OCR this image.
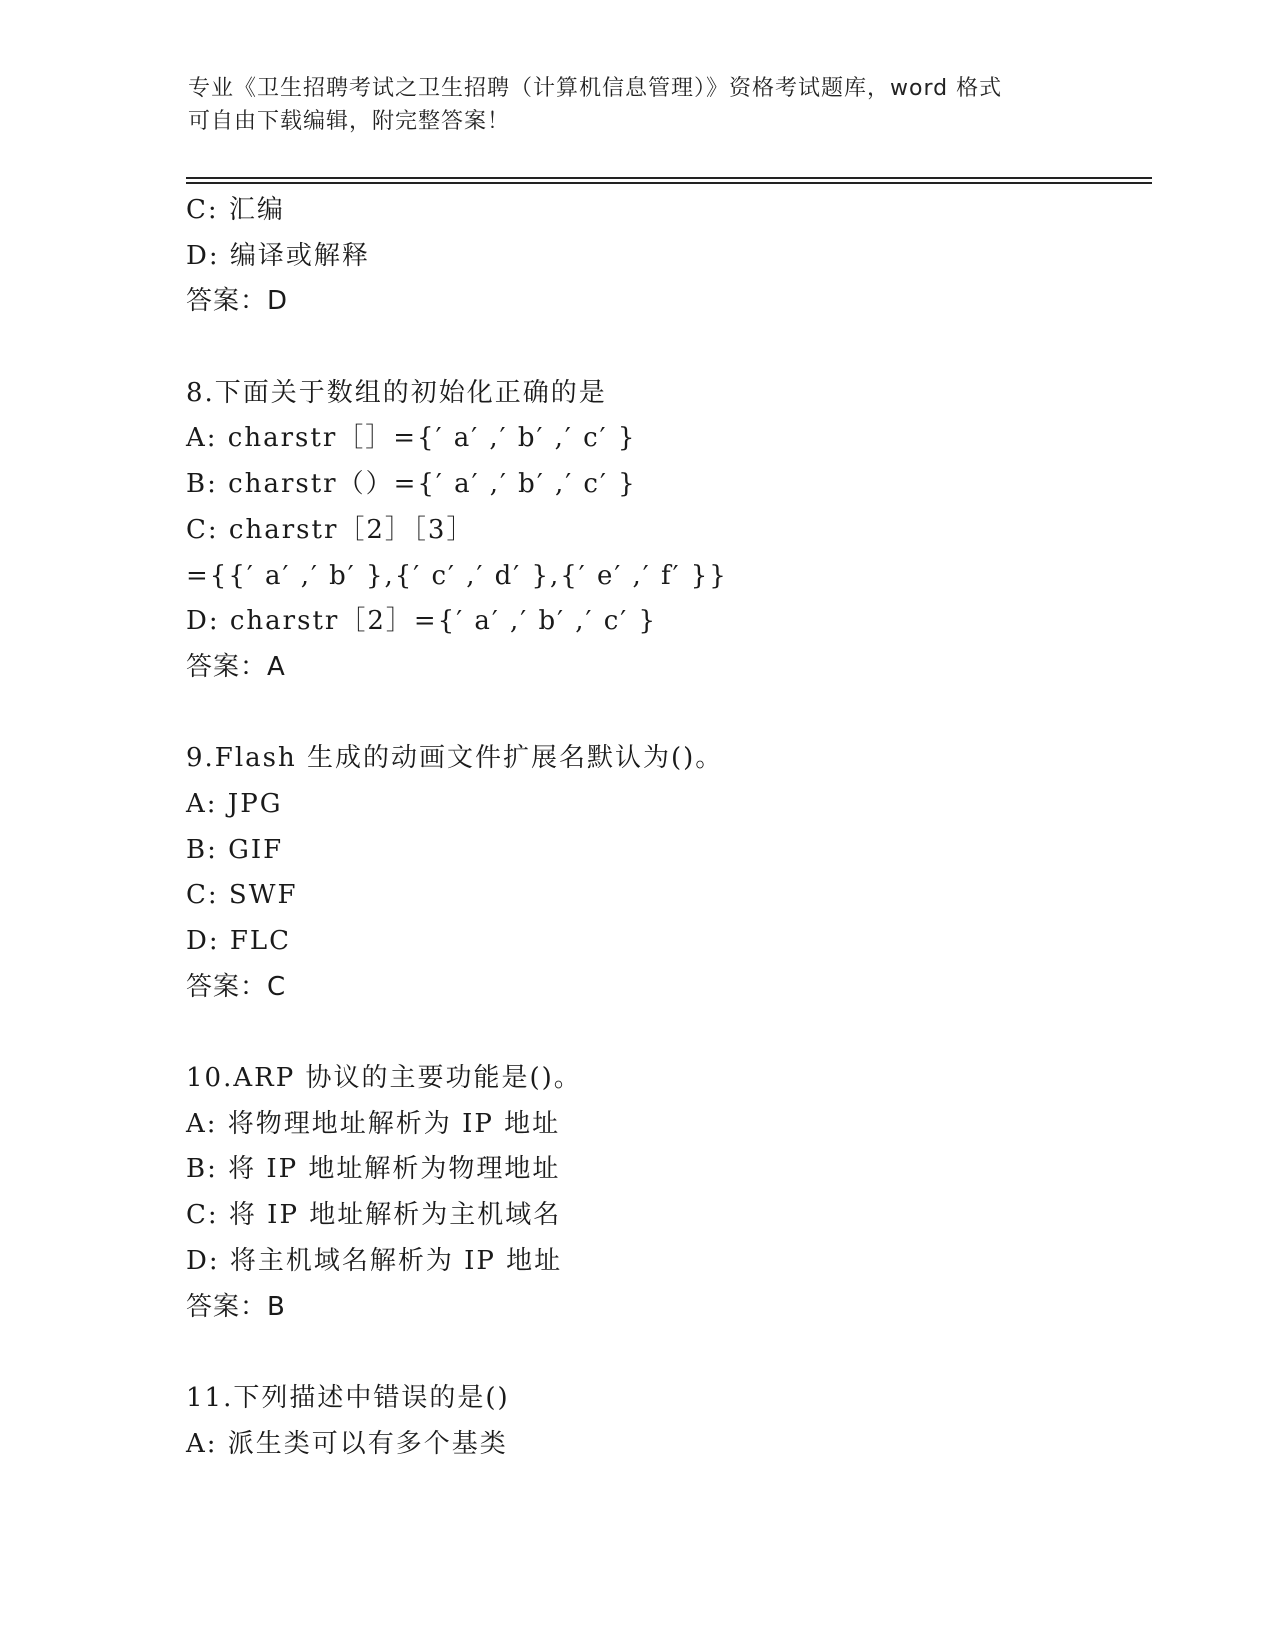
专业《卫生招聘考试之卫生招聘（计算机信息管理）》资格考试题库，word 格式
可自由下载编辑，附完整答案！
C: 汇编
D: 编译或解释
答案：D
8.下面关于数组的初始化正确的是
A: charstr［］={′ a′ ,′ b′ ,′ c′ }
B: charstr（）={′ a′ ,′ b′ ,′ c′ }
C: charstr［2］［3］
={{′ a′ ,′ b′ },{′ c′ ,′ d′ },{′ e′ ,′ f′ }}
D: charstr［2］={′ a′ ,′ b′ ,′ c′ }
答案：A
9.Flash 生成的动画文件扩展名默认为()。
A: JPG
B: GIF
C: SWF
D: FLC
答案：C
10.ARP 协议的主要功能是()。
A: 将物理地址解析为 IP 地址
B: 将 IP 地址解析为物理地址
C: 将 IP 地址解析为主机域名
D: 将主机域名解析为 IP 地址
答案：B
11.下列描述中错误的是()
A: 派生类可以有多个基类
